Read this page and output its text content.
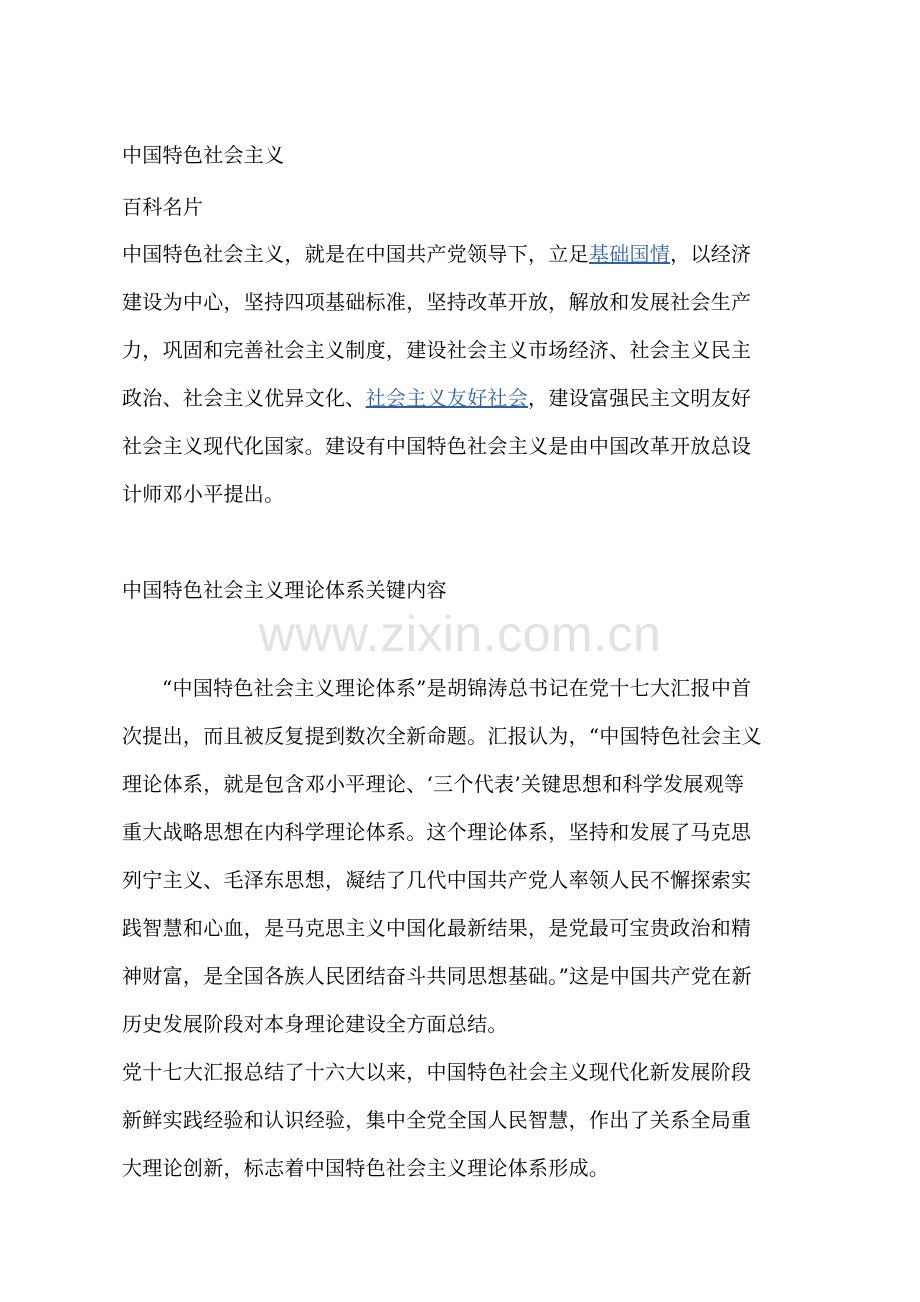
中国特色社会主义
百科名片
中国特色社会主义，就是在中国共产党领导下，立足基础国情，以经济
建设为中心，坚持四项基础标准，坚持改革开放，解放和发展社会生产
力，巩固和完善社会主义制度，建设社会主义市场经济、社会主义民主
政治、社会主义优异文化、社会主义友好社会，建设富强民主文明友好
社会主义现代化国家。建设有中国特色社会主义是由中国改革开放总设
计师邓小平提出。
中国特色社会主义理论体系关键内容
www.zixin.com.cn
“中国特色社会主义理论体系”是胡锦涛总书记在党十七大汇报中首
次提出，而且被反复提到数次全新命题。汇报认为，“中国特色社会主义
理论体系，就是包含邓小平理论、‘三个代表’关键思想和科学发展观等
重大战略思想在内科学理论体系。这个理论体系，坚持和发展了马克思
列宁主义、毛泽东思想，凝结了几代中国共产党人率领人民不懈探索实
践智慧和心血，是马克思主义中国化最新结果，是党最可宝贵政治和精
神财富，是全国各族人民团结奋斗共同思想基础。”这是中国共产党在新
历史发展阶段对本身理论建设全方面总结。
党十七大汇报总结了十六大以来，中国特色社会主义现代化新发展阶段
新鲜实践经验和认识经验，集中全党全国人民智慧，作出了关系全局重
大理论创新，标志着中国特色社会主义理论体系形成。
